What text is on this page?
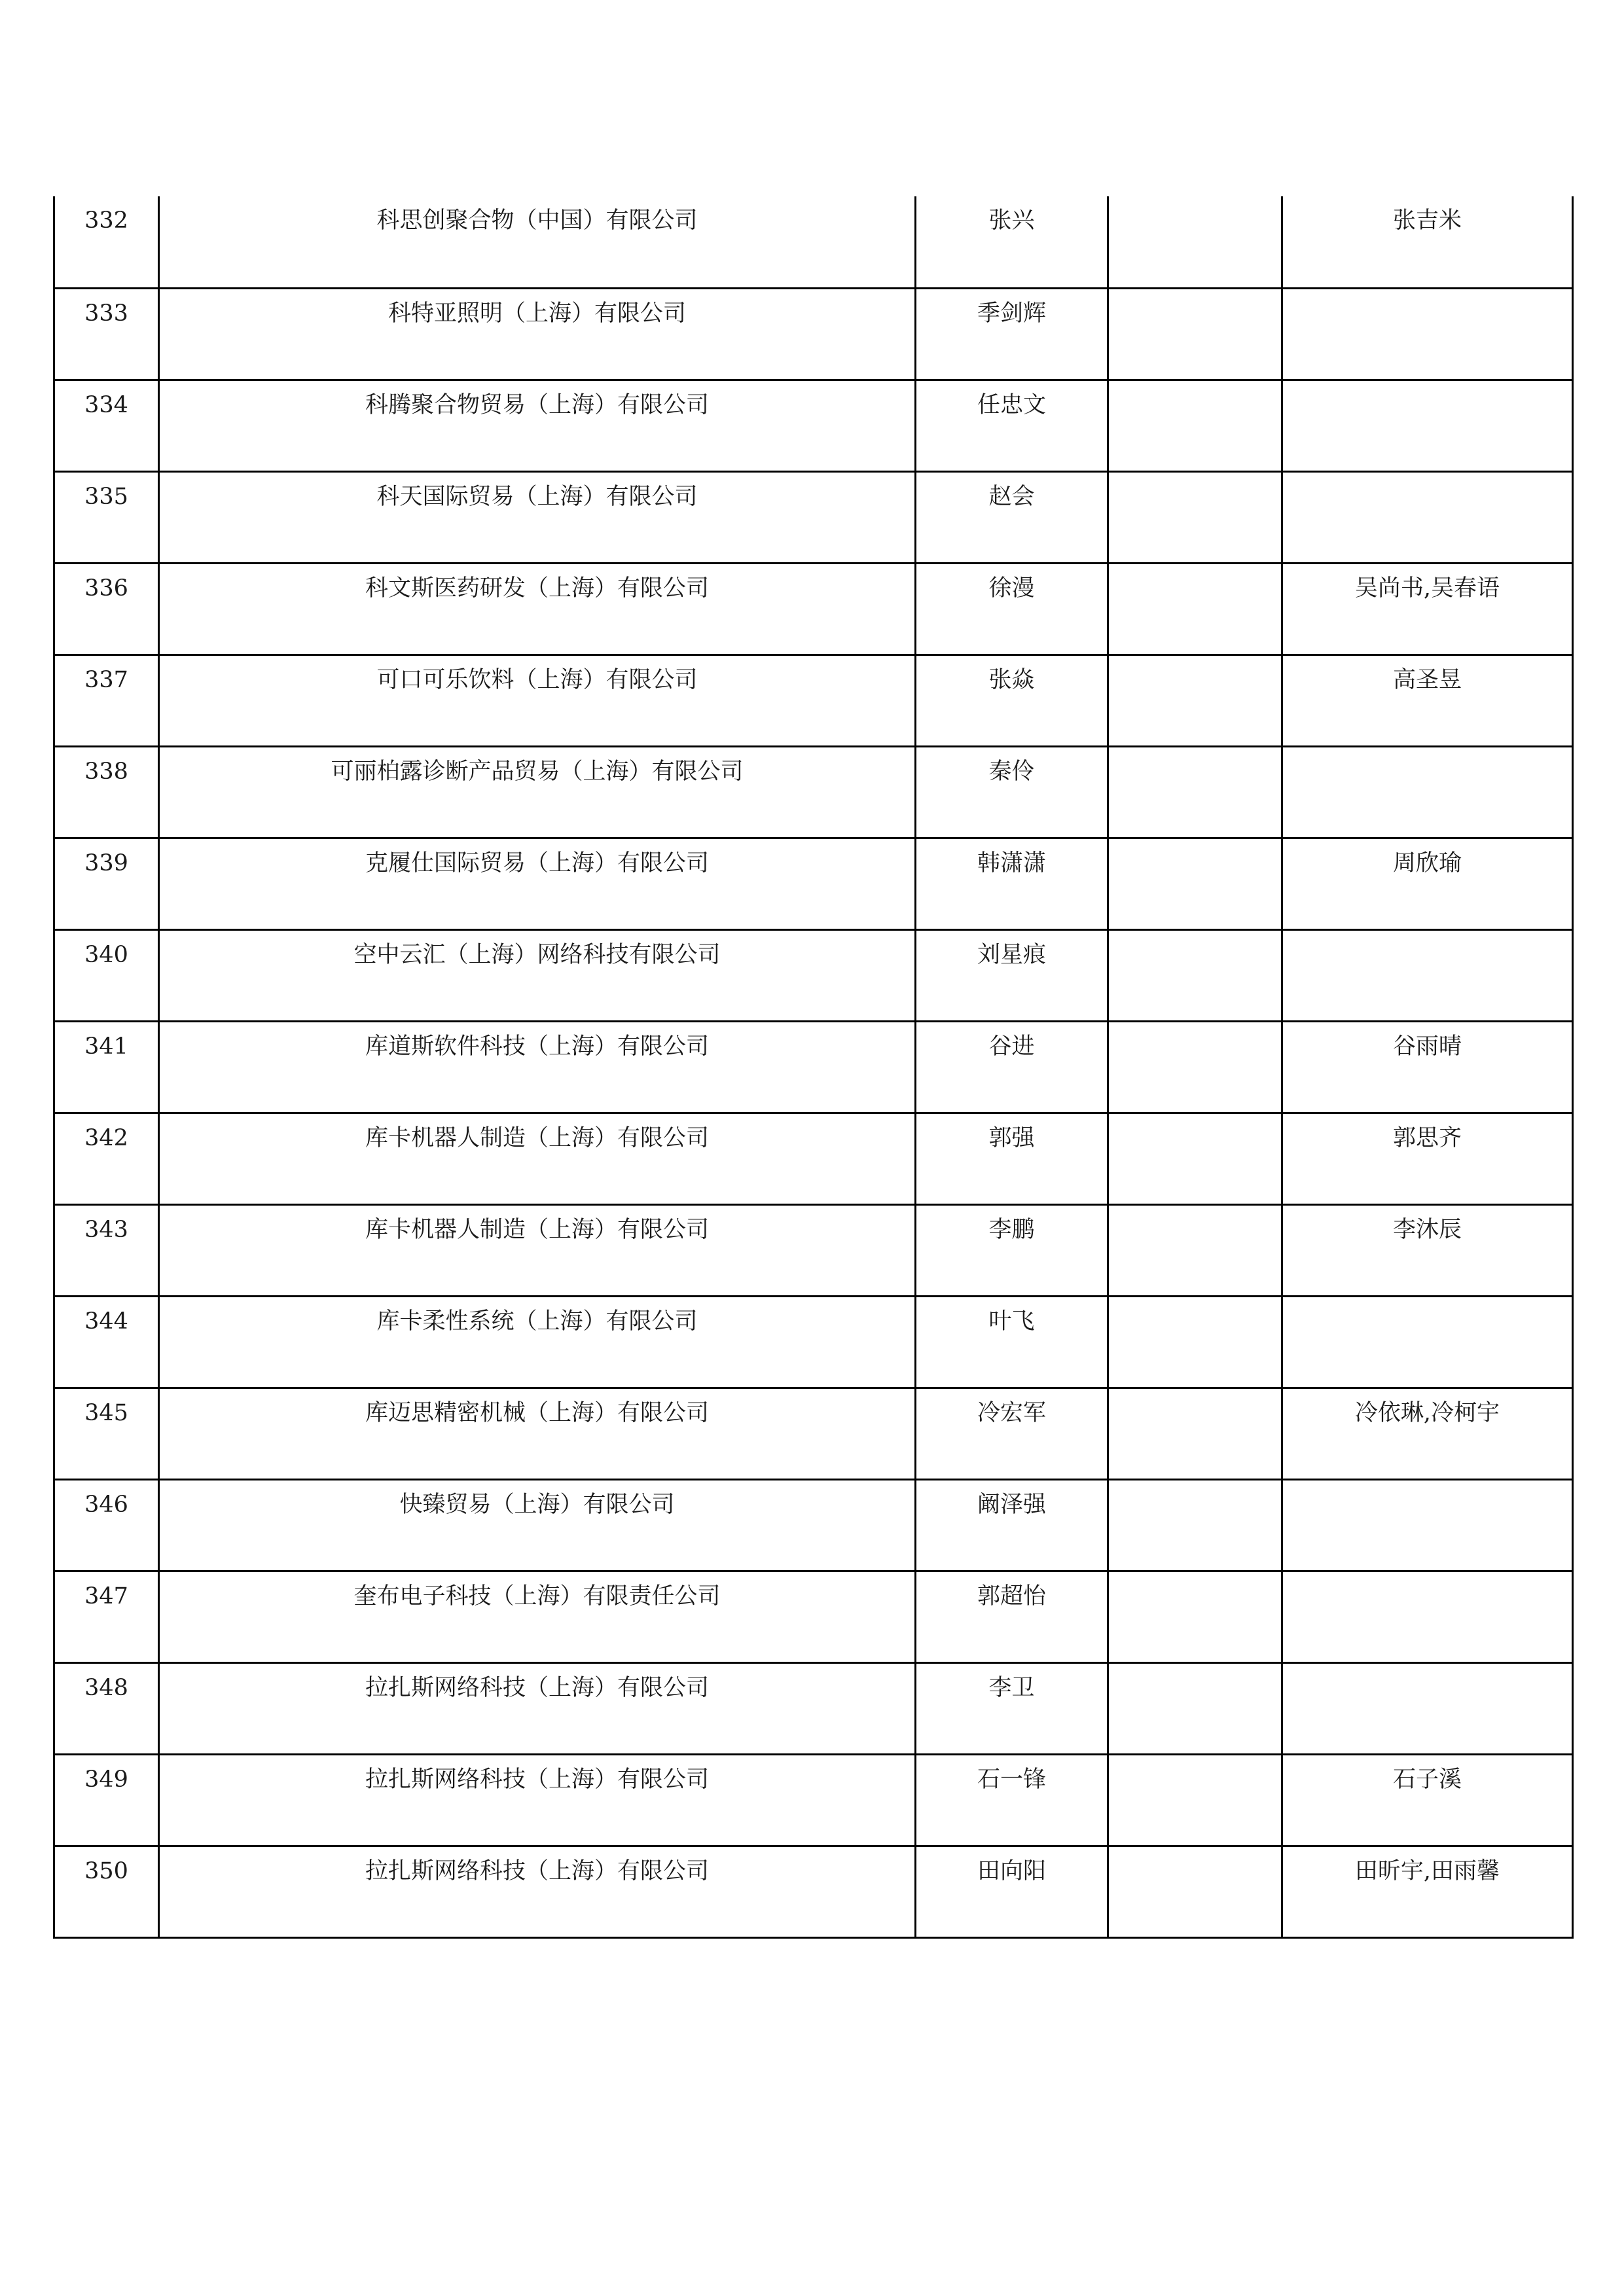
332	科思创聚合物（中国）有限公司	张兴		张吉米
333	科特亚照明（上海）有限公司	季剑辉		
334	科腾聚合物贸易（上海）有限公司	任忠文		
335	科天国际贸易（上海）有限公司	赵会		
336	科文斯医药研发（上海）有限公司	徐漫		吴尚书,吴春语
337	可口可乐饮料（上海）有限公司	张焱		高圣昱
338	可丽柏露诊断产品贸易（上海）有限公司	秦伶		
339	克履仕国际贸易（上海）有限公司	韩潇潇		周欣瑜
340	空中云汇（上海）网络科技有限公司	刘星痕		
341	库道斯软件科技（上海）有限公司	谷进		谷雨晴
342	库卡机器人制造（上海）有限公司	郭强		郭思齐
343	库卡机器人制造（上海）有限公司	李鹏		李沐辰
344	库卡柔性系统（上海）有限公司	叶飞		
345	库迈思精密机械（上海）有限公司	冷宏军		冷依琳,冷柯宇
346	快臻贸易（上海）有限公司	阚泽强		
347	奎布电子科技（上海）有限责任公司	郭超怡		
348	拉扎斯网络科技（上海）有限公司	李卫		
349	拉扎斯网络科技（上海）有限公司	石一锋		石子溪
350	拉扎斯网络科技（上海）有限公司	田向阳		田昕宇,田雨馨
